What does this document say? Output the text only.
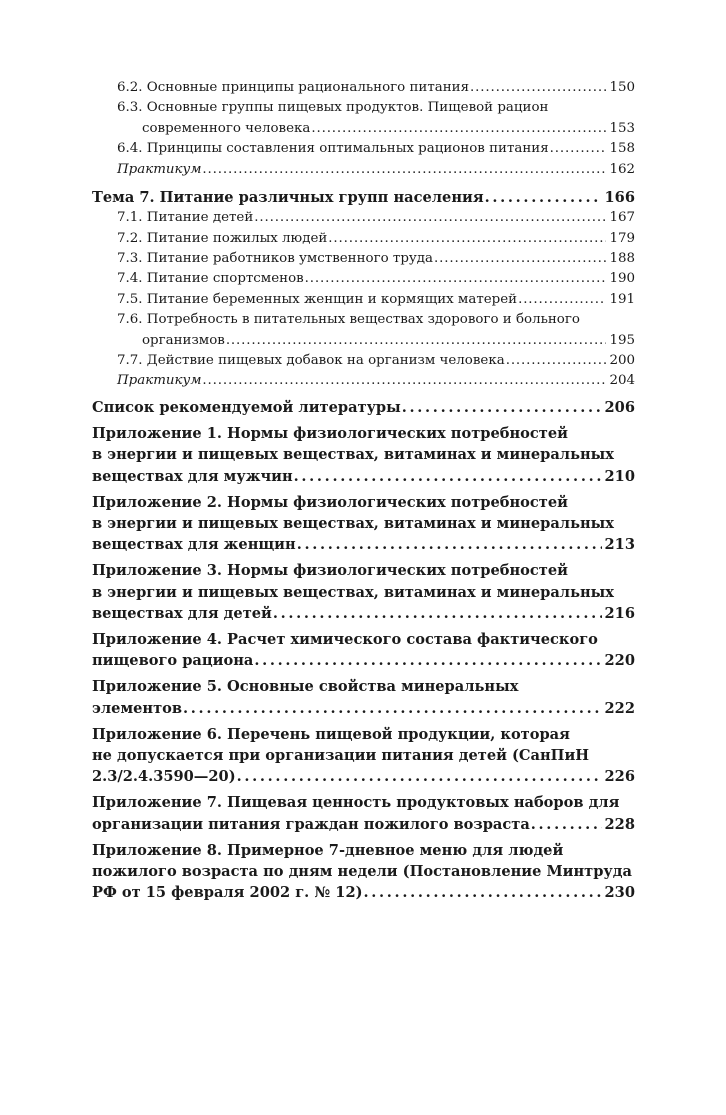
6.2. Основные принципы рационального питания . . .	150
6.3. Основные группы пищевых продуктов. Пищевой рацион
современного человека . . .	153
6.4. Принципы составления оптимальных рационов питания . . .	158
Практикум . . .	162
Тема 7. Питание различных групп населения . . .	166
7.1. Питание детей . . .	167
7.2. Питание пожилых людей . . .	179
7.3. Питание работников умственного труда . . .	188
7.4. Питание спортсменов . . .	190
7.5. Питание беременных женщин и кормящих матерей . . .	191
7.6. Потребность в питательных веществах здорового и больного
организмов . . .	195
7.7. Действие пищевых добавок на организм человека . . .	200
Практикум . . .	204
Список рекомендуемой литературы . . .	206
Приложение 1. Нормы физиологических потребностей
в энергии и пищевых веществах, витаминах и минеральных
веществах для мужчин . . .	210
Приложение 2. Нормы физиологических потребностей
в энергии и пищевых веществах, витаминах и минеральных
веществах для женщин . . .	213
Приложение 3. Нормы физиологических потребностей
в энергии и пищевых веществах, витаминах и минеральных
веществах для детей . . .	216
Приложение 4. Расчет химического состава фактического
пищевого рациона . . .	220
Приложение 5. Основные свойства минеральных
элементов . . .	222
Приложение 6. Перечень пищевой продукции, которая
не допускается при организации питания детей (СанПиН
2.3/2.4.3590—20) . . .	226
Приложение 7. Пищевая ценность продуктовых наборов для
организации питания граждан пожилого возраста . . .	228
Приложение 8. Примерное 7-дневное меню для людей
пожилого возраста по дням недели (Постановление Минтруда
РФ от 15 февраля 2002 г. № 12) . . .	230
